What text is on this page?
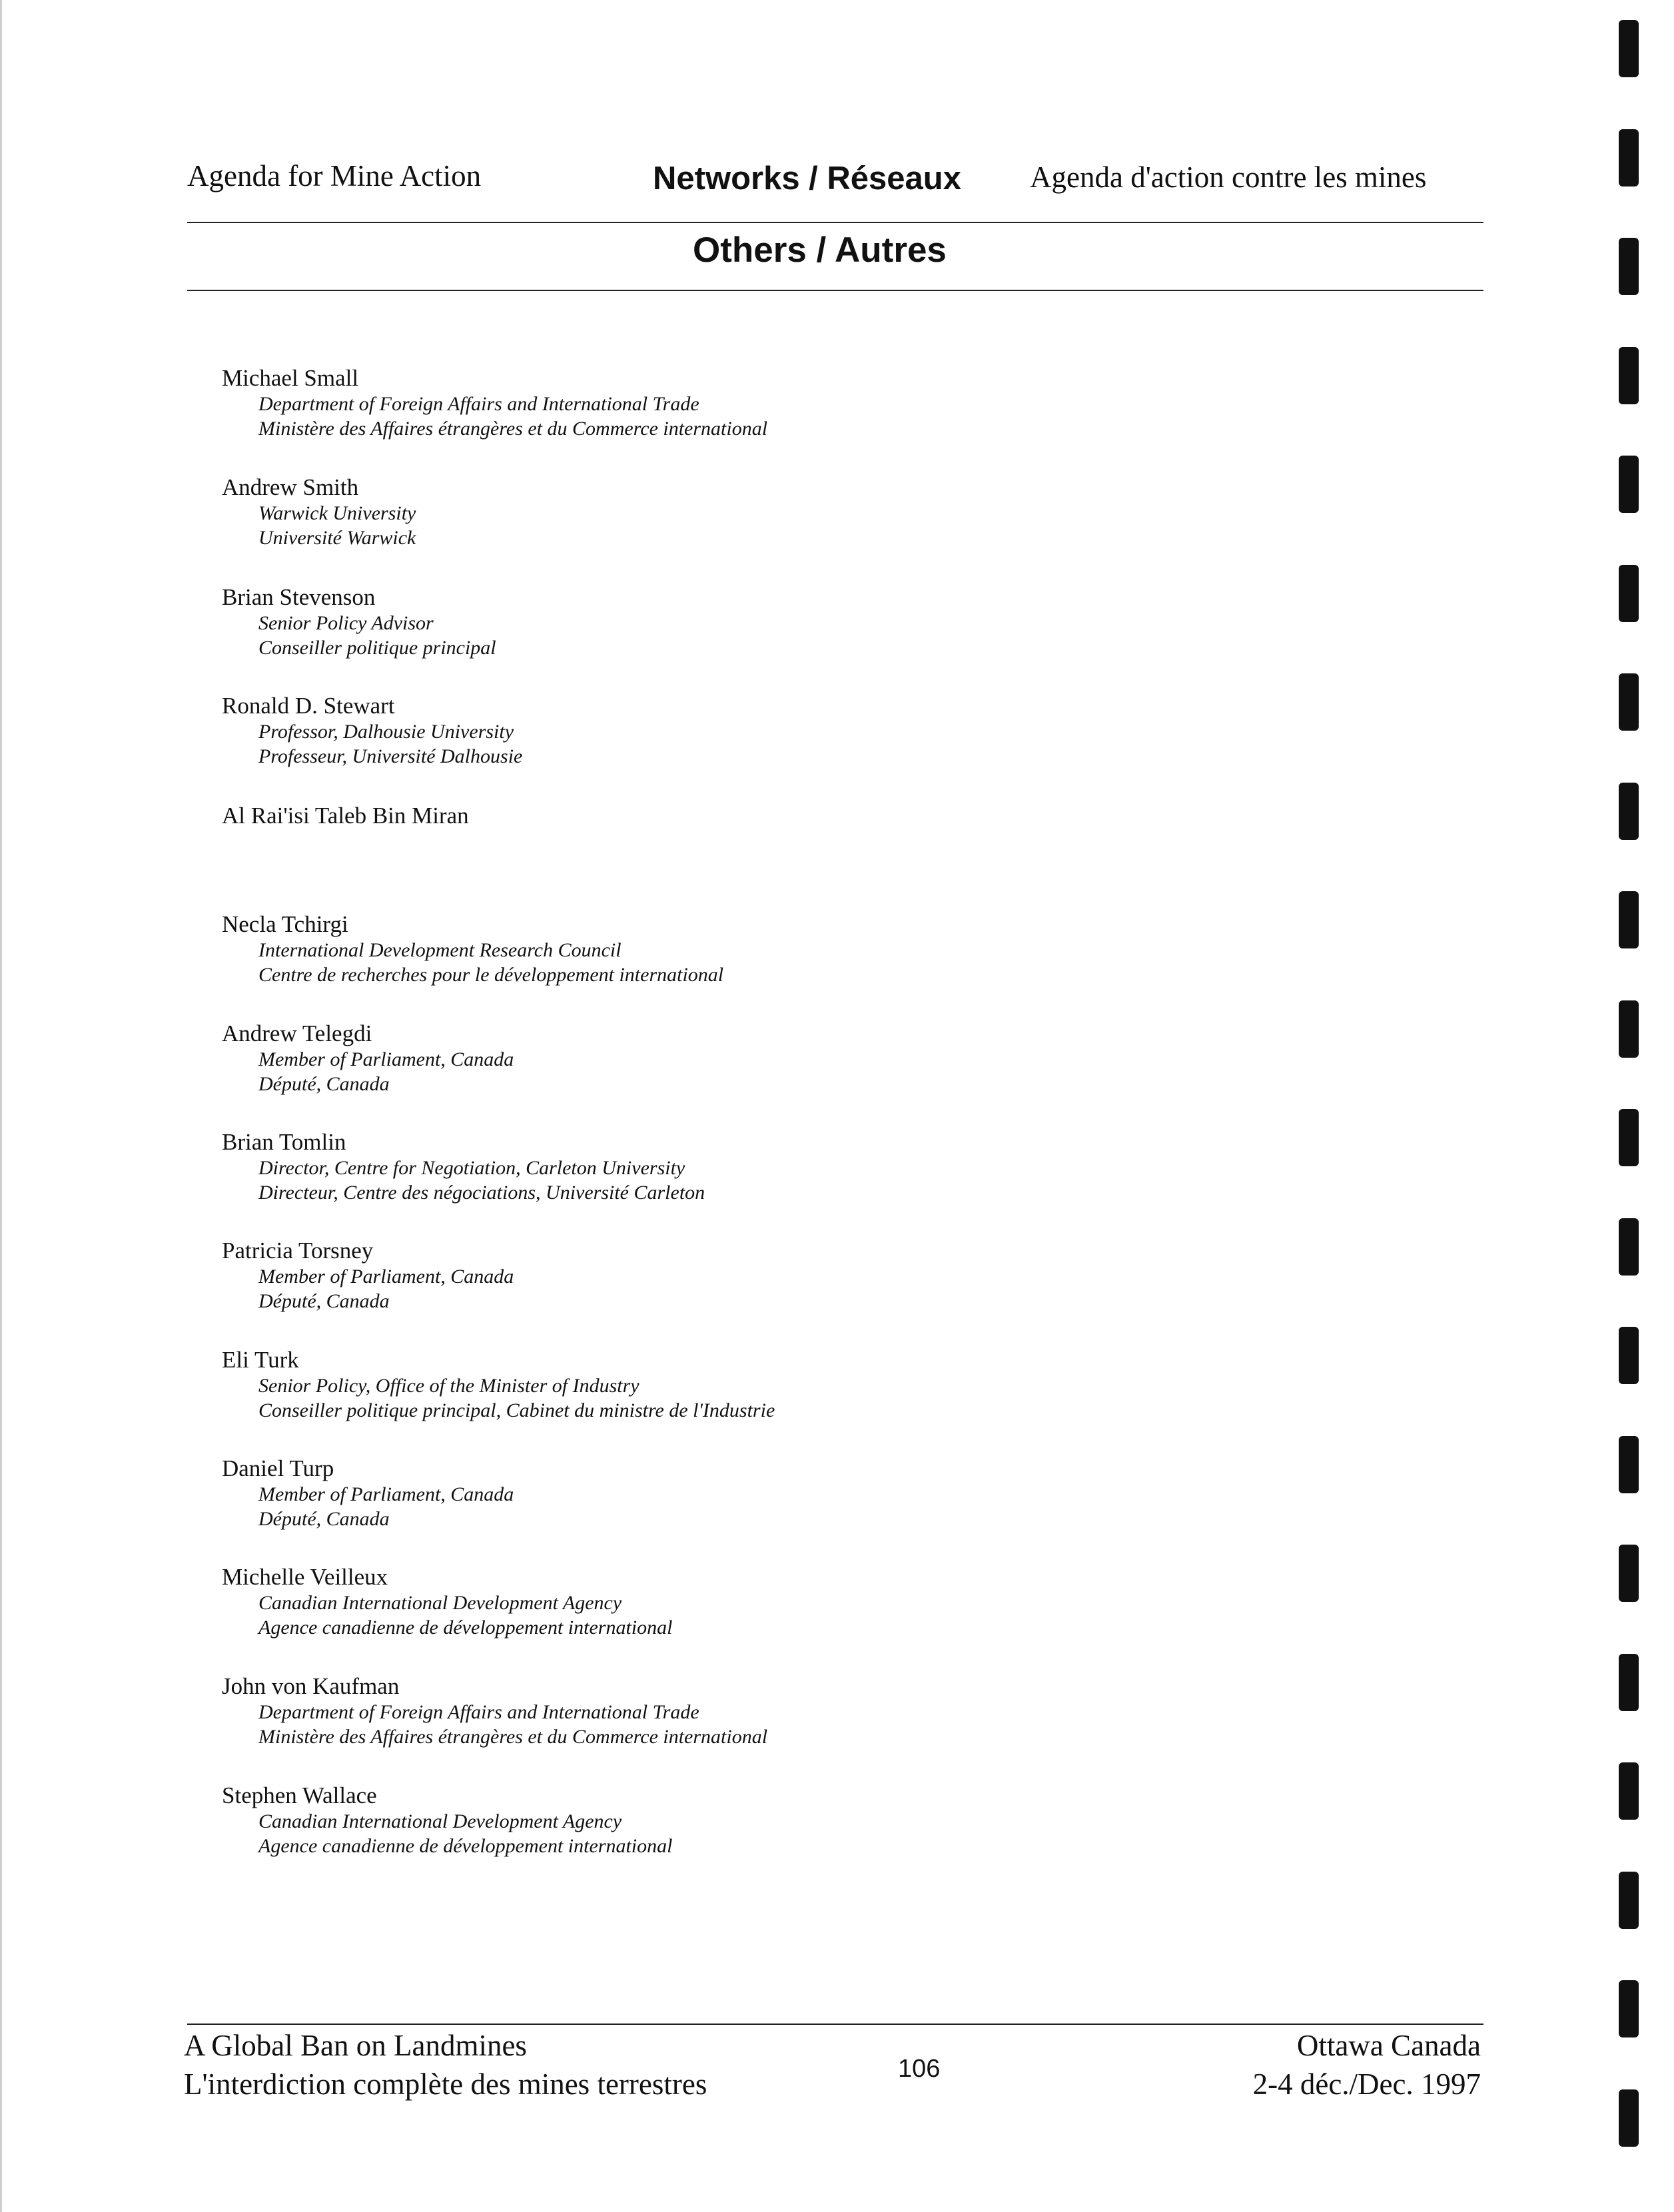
Agenda for Mine Action	Networks / Réseaux Agenda d'action contre les mines
Others / Autres
Michael Small
Department of Foreign Affairs and International Trade
Ministère des Affaires étrangères et du Commerce international
Andrew Smith
Warwick University
Université Warwick
Brian Stevenson
Senior Policy Advisor
Conseiller politique principal
Ronald D. Stewart
Professor, Dalhousie University
Professeur, Université Dalhousie
Al Rai'isi Taleb Bin Miran
Necla Tchirgi
International Development Research Council
Centre de recherches pour le développement international
Andrew Telegdi
Member of Parliament, Canada
Député, Canada
Brian Tomlin
Director, Centre for Negotiation, Carleton University
Directeur, Centre des négociations, Université Carleton
Patricia Torsney
Member of Parliament, Canada
Député, Canada
Eli Turk
Senior Policy, Office of the Minister of Industry
Conseiller politique principal, Cabinet du ministre de l'Industrie
Daniel Turp
Member of Parliament, Canada
Député, Canada
Michelle Veilleux
Canadian International Development Agency
Agence canadienne de développement international
John von Kaufman
Department of Foreign Affairs and International Trade
Ministère des Affaires étrangères et du Commerce international
Stephen Wallace
Canadian International Development Agency
Agence canadienne de développement international
A Global Ban on Landmines
L'interdiction complète des mines terrestres	106
Ottawa Canada
2-4 déc./Dec. 1997
